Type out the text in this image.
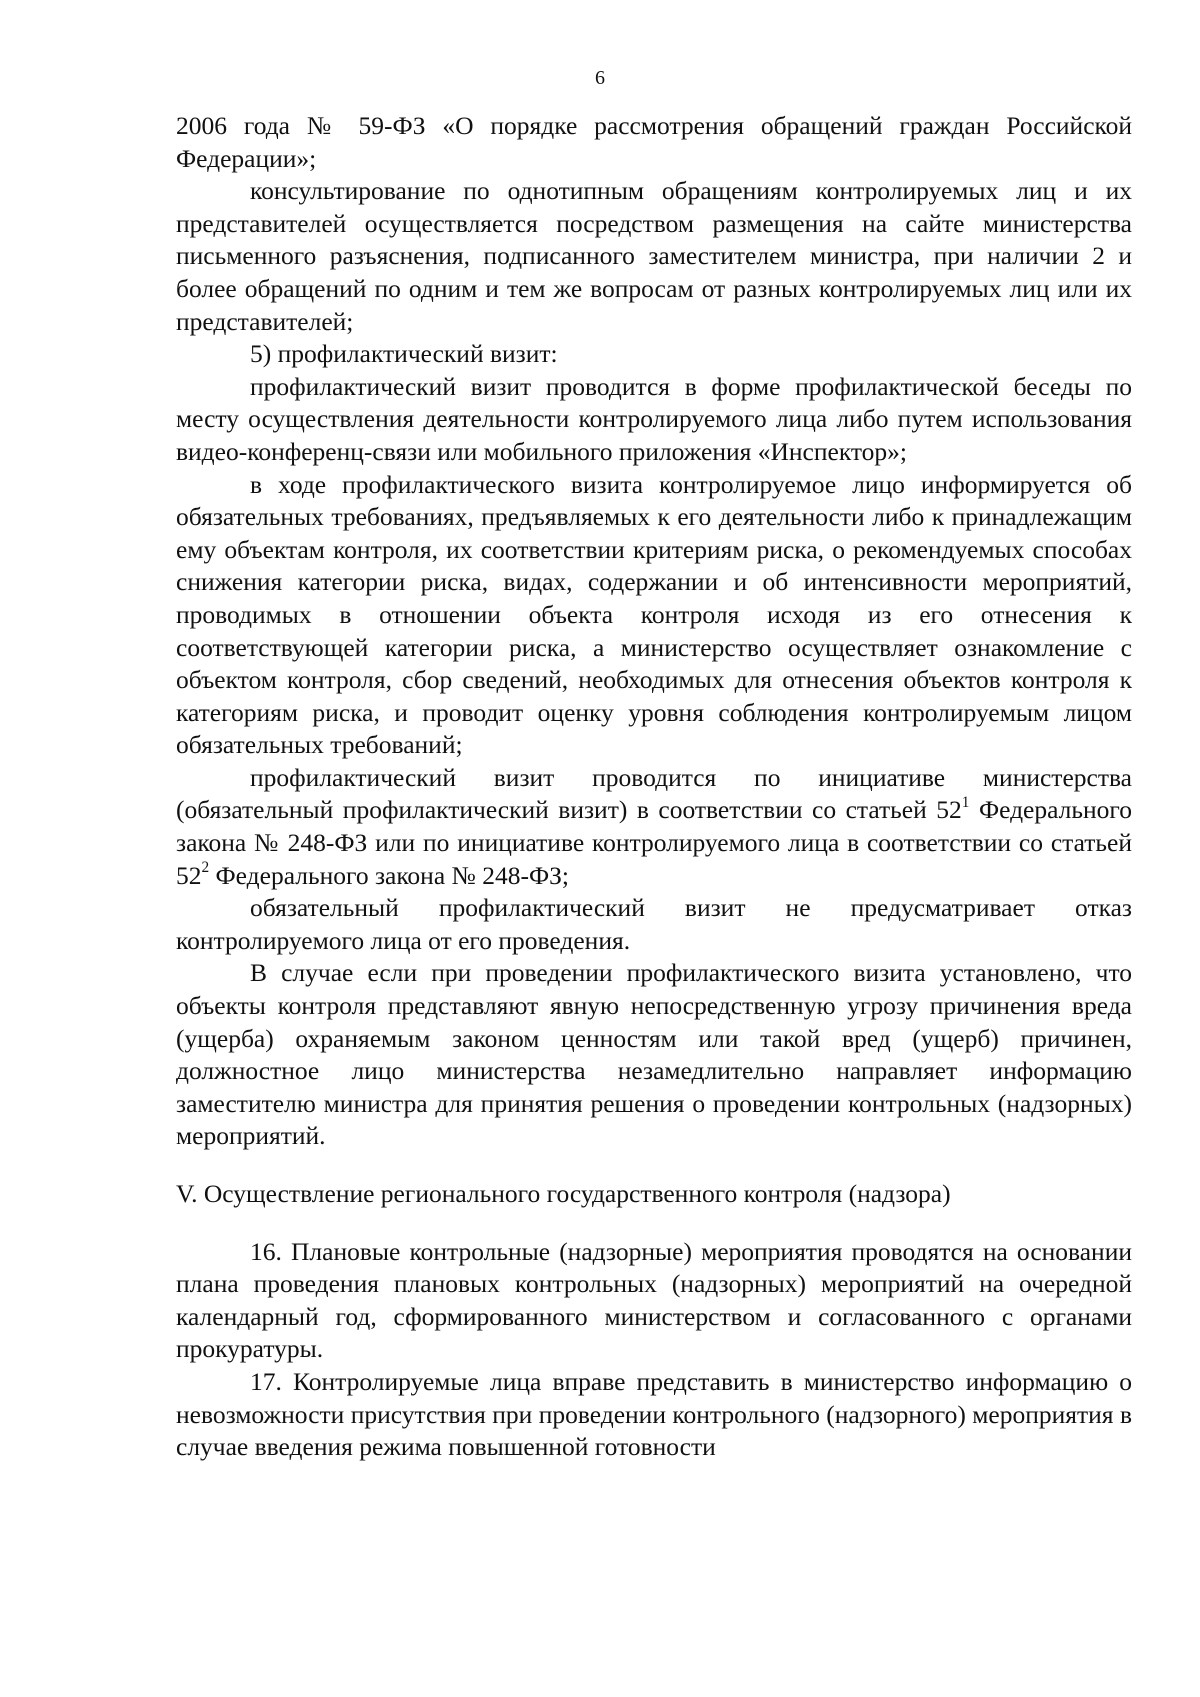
6

2006 года № 59-ФЗ «О порядке рассмотрения обращений граждан Российской Федерации»;

консультирование по однотипным обращениям контролируемых лиц и их представителей осуществляется посредством размещения на сайте министерства письменного разъяснения, подписанного заместителем министра, при наличии 2 и более обращений по одним и тем же вопросам от разных контролируемых лиц или их представителей;

5) профилактический визит:

профилактический визит проводится в форме профилактической беседы по месту осуществления деятельности контролируемого лица либо путем использования видео-конференц-связи или мобильного приложения «Инспектор»;

в ходе профилактического визита контролируемое лицо информируется об обязательных требованиях, предъявляемых к его деятельности либо к принадлежащим ему объектам контроля, их соответствии критериям риска, о рекомендуемых способах снижения категории риска, видах, содержании и об интенсивности мероприятий, проводимых в отношении объекта контроля исходя из его отнесения к соответствующей категории риска, а министерство осуществляет ознакомление с объектом контроля, сбор сведений, необходимых для отнесения объектов контроля к категориям риска, и проводит оценку уровня соблюдения контролируемым лицом обязательных требований;

профилактический визит проводится по инициативе министерства (обязательный профилактический визит) в соответствии со статьей $52^1$ Федерального закона № 248-ФЗ или по инициативе контролируемого лица в соответствии со статьей $52^2$ Федерального закона № 248-ФЗ;

обязательный профилактический визит не предусматривает отказ контролируемого лица от его проведения.

В случае если при проведении профилактического визита установлено, что объекты контроля представляют явную непосредственную угрозу причинения вреда (ущерба) охраняемым законом ценностям или такой вред (ущерб) причинен, должностное лицо министерства незамедлительно направляет информацию заместителю министра для принятия решения о проведении контрольных (надзорных) мероприятий.

V. Осуществление регионального государственного контроля (надзора)

16. Плановые контрольные (надзорные) мероприятия проводятся на основании плана проведения плановых контрольных (надзорных) мероприятий на очередной календарный год, сформированного министерством и согласованного с органами прокуратуры.

17. Контролируемые лица вправе представить в министерство информацию о невозможности присутствия при проведении контрольного (надзорного) мероприятия в случае введения режима повышенной готовности
